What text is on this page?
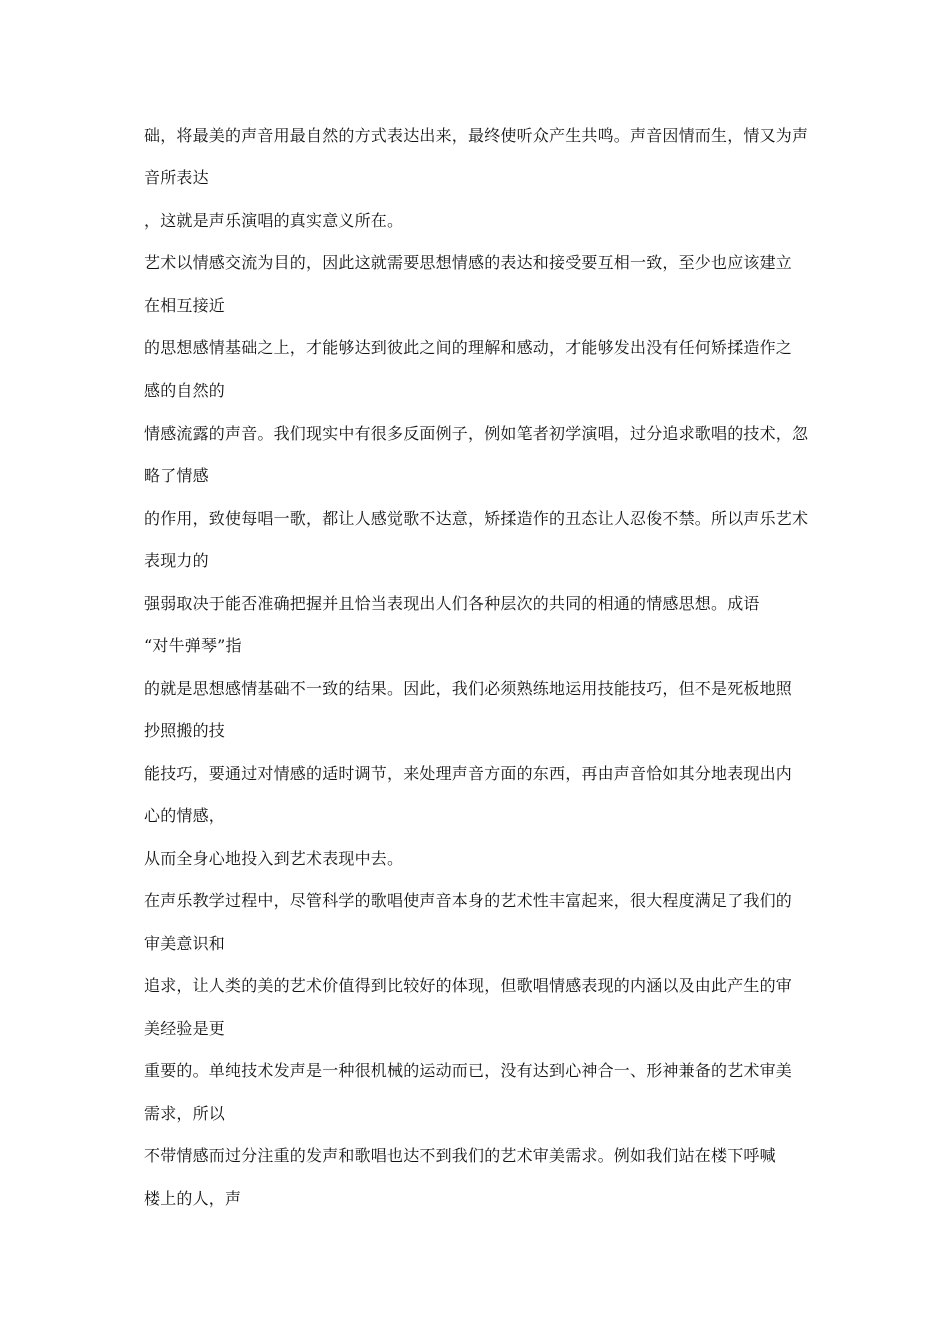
础，将最美的声音用最自然的方式表达出来，最终使听众产生共鸣。声音因情而生，情又为声
音所表达
，这就是声乐演唱的真实意义所在。
艺术以情感交流为目的，因此这就需要思想情感的表达和接受要互相一致，至少也应该建立
在相互接近
的思想感情基础之上，才能够达到彼此之间的理解和感动，才能够发出没有任何矫揉造作之
感的自然的
情感流露的声音。我们现实中有很多反面例子，例如笔者初学演唱，过分追求歌唱的技术，忽
略了情感
的作用，致使每唱一歌，都让人感觉歌不达意，矫揉造作的丑态让人忍俊不禁。所以声乐艺术
表现力的
强弱取决于能否准确把握并且恰当表现出人们各种层次的共同的相通的情感思想。成语
“对牛弹琴”指
的就是思想感情基础不一致的结果。因此，我们必须熟练地运用技能技巧，但不是死板地照
抄照搬的技
能技巧，要通过对情感的适时调节，来处理声音方面的东西，再由声音恰如其分地表现出内
心的情感，
从而全身心地投入到艺术表现中去。
在声乐教学过程中，尽管科学的歌唱使声音本身的艺术性丰富起来，很大程度满足了我们的
审美意识和
追求，让人类的美的艺术价值得到比较好的体现，但歌唱情感表现的内涵以及由此产生的审
美经验是更
重要的。单纯技术发声是一种很机械的运动而已，没有达到心神合一、形神兼备的艺术审美
需求，所以
不带情感而过分注重的发声和歌唱也达不到我们的艺术审美需求。例如我们站在楼下呼喊
楼上的人，声
